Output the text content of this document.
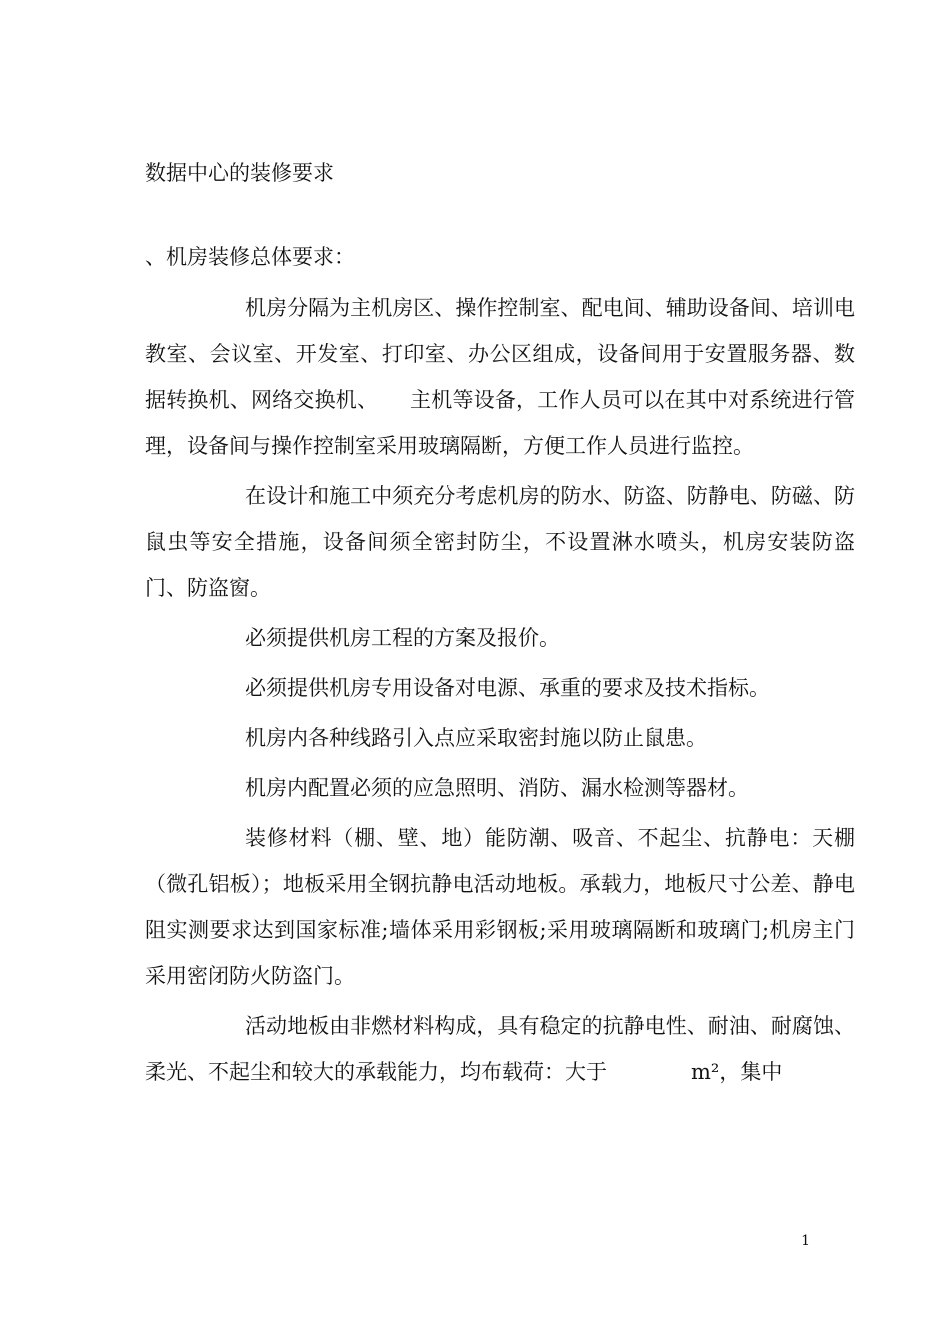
数据中心的装修要求
、机房装修总体要求：

机房分隔为主机房区、操作控制室、配电间、辅助设备间、培训电教室、会议室、开发室、打印室、办公区组成，设备间用于安置服务器、数据转换机、网络交换机、　　主机等设备，工作人员可以在其中对系统进行管理，设备间与操作控制室采用玻璃隔断，方便工作人员进行监控。

在设计和施工中须充分考虑机房的防水、防盗、防静电、防磁、防鼠虫等安全措施，设备间须全密封防尘，不设置淋水喷头，机房安装防盗门、防盗窗。

必须提供机房工程的方案及报价。

必须提供机房专用设备对电源、承重的要求及技术指标。

机房内各种线路引入点应采取密封施以防止鼠患。

机房内配置必须的应急照明、消防、漏水检测等器材。

装修材料（棚、壁、地）能防潮、吸音、不起尘、抗静电：天棚（微孔铝板）；地板采用全钢抗静电活动地板。承载力，地板尺寸公差、静电阻实测要求达到国家标准;墙体采用彩钢板;采用玻璃隔断和玻璃门;机房主门采用密闭防火防盗门。

活动地板由非燃材料构成，具有稳定的抗静电性、耐油、耐腐蚀、柔光、不起尘和较大的承载能力，均布载荷：大于　　　　m²，集中

1
